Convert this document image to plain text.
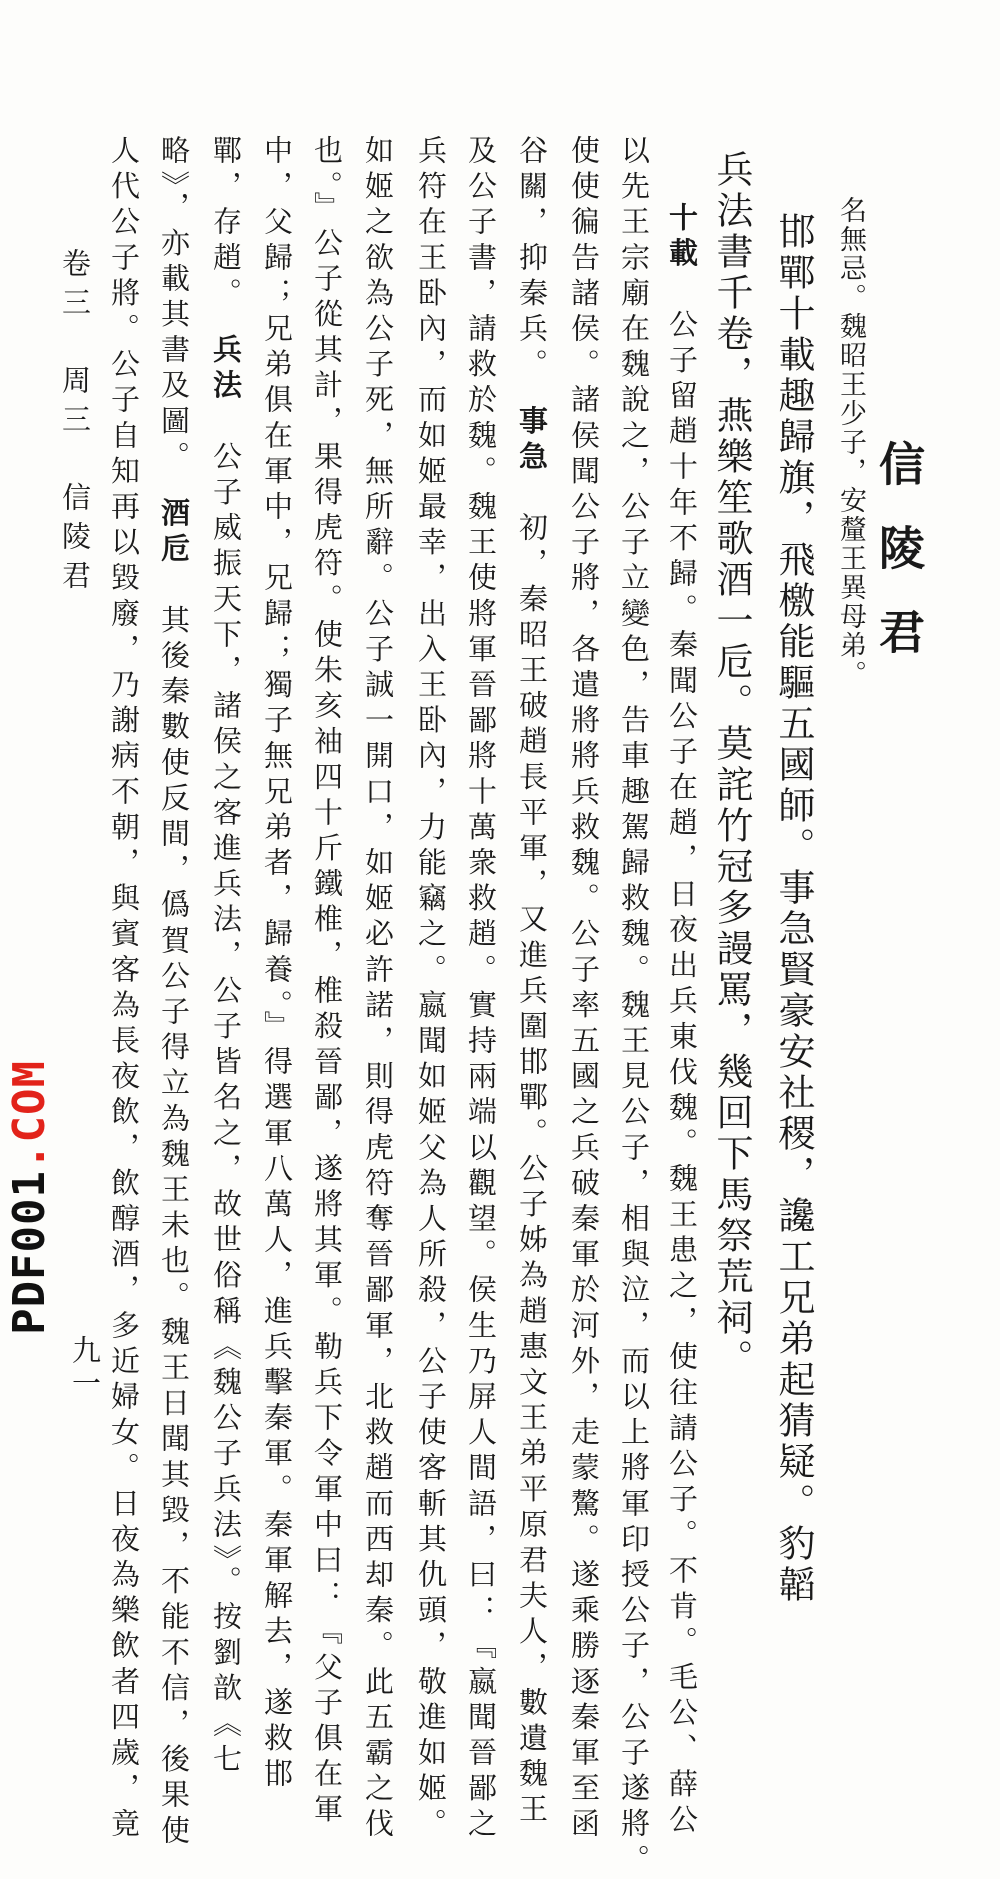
信陵君
名無忌。魏昭王少子，安釐王異母弟。
邯鄲十載趣歸旗，飛檄能驅五國師。事急賢豪安社稷，讒工兄弟起猜疑。豹韜
兵法書千卷，燕樂笙歌酒一卮。莫詫竹冠多謾罵，幾回下馬祭荒祠。
十載　公子留趙十年不歸。秦聞公子在趙，日夜出兵東伐魏。魏王患之，使往請公子。不肯。毛公、薛公
以先王宗廟在魏說之，公子立變色，告車趣駕歸救魏。魏王見公子，相與泣，而以上將軍印授公子，公子遂將。
使使徧告諸侯。諸侯聞公子將，各遣將將兵救魏。公子率五國之兵破秦軍於河外，走蒙驁。遂乘勝逐秦軍至函
谷關，抑秦兵。　事急　初，秦昭王破趙長平軍，又進兵圍邯鄲。公子姊為趙惠文王弟平原君夫人，數遺魏王
及公子書，請救於魏。魏王使將軍晉鄙將十萬衆救趙。實持兩端以觀望。侯生乃屏人間語，曰：『嬴聞晉鄙之
兵符在王卧內，而如姬最幸，出入王卧內，力能竊之。嬴聞如姬父為人所殺，公子使客斬其仇頭，敬進如姬。
如姬之欲為公子死，無所辭。公子誠一開口，如姬必許諾，則得虎符奪晉鄙軍，北救趙而西却秦。此五霸之伐
也。』公子從其計，果得虎符。使朱亥袖四十斤鐵椎，椎殺晉鄙，遂將其軍。勒兵下令軍中曰：『父子俱在軍
中，父歸；兄弟俱在軍中，兄歸；獨子無兄弟者，歸養。』得選軍八萬人，進兵擊秦軍。秦軍解去，遂救邯
鄲，存趙。　兵法　公子威振天下，諸侯之客進兵法，公子皆名之，故世俗稱《魏公子兵法》。按劉歆《七
略》，亦載其書及圖。　酒卮　其後秦數使反間，僞賀公子得立為魏王未也。魏王日聞其毀，不能不信，後果使
人代公子將。公子自知再以毀廢，乃謝病不朝，與賓客為長夜飲，飲醇酒，多近婦女。日夜為樂飲者四歲，竟
卷三　周三　信陵君
九一
PDF001.COM
